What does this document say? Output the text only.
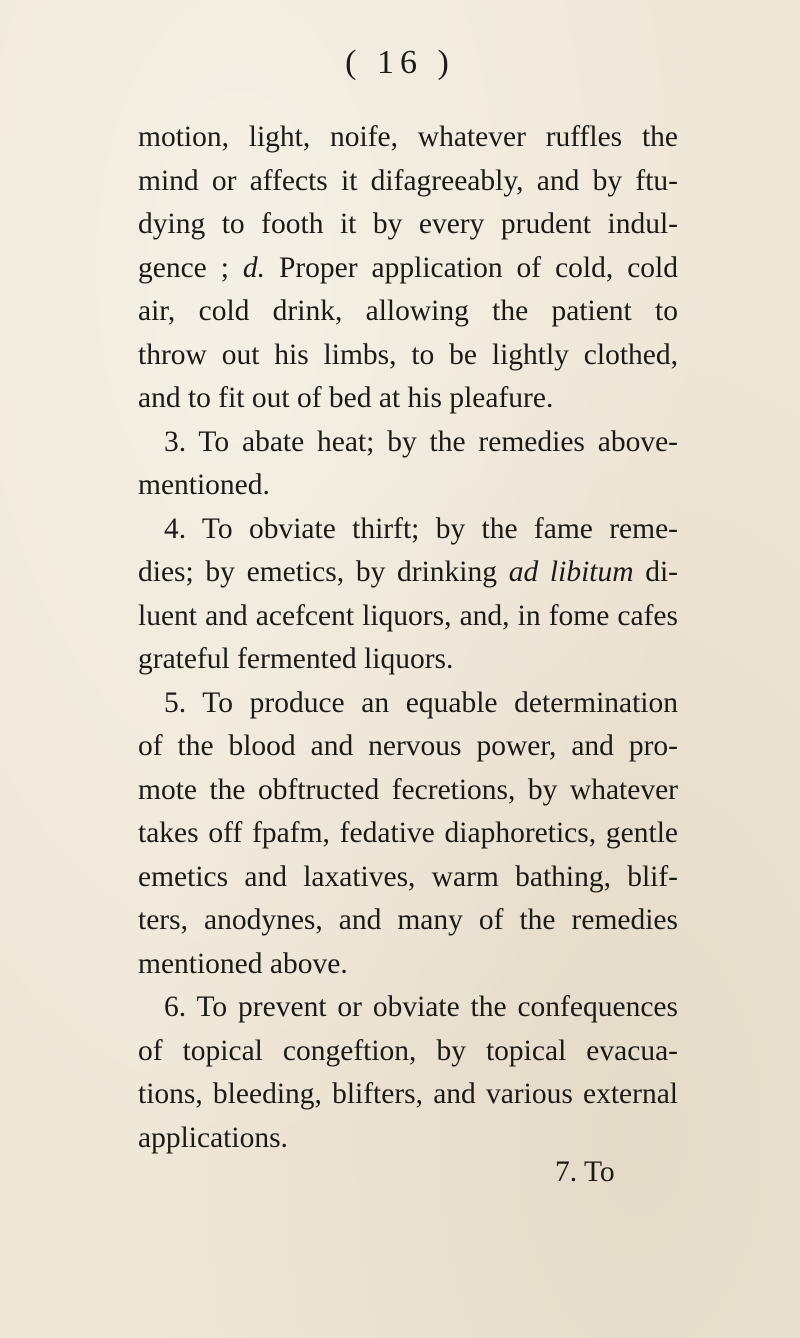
( 16 )
motion, light, noife, whatever ruffles the
mind or affects it difagreeably, and by ftu-
dying to footh it by every prudent indul-
gence ; d. Proper application of cold, cold
air, cold drink, allowing the patient to
throw out his limbs, to be lightly clothed,
and to fit out of bed at his pleafure.
3. To abate heat; by the remedies above-
mentioned.
4. To obviate thirft; by the fame reme-
dies; by emetics, by drinking ad libitum di-
luent and acefcent liquors, and, in fome cafes
grateful fermented liquors.
5. To produce an equable determination
of the blood and nervous power, and pro-
mote the obftructed fecretions, by whatever
takes off fpafm, fedative diaphoretics, gentle
emetics and laxatives, warm bathing, blif-
ters, anodynes, and many of the remedies
mentioned above.
6. To prevent or obviate the confequences
of topical congeftion, by topical evacua-
tions, bleeding, blifters, and various external
applications.
7. To
